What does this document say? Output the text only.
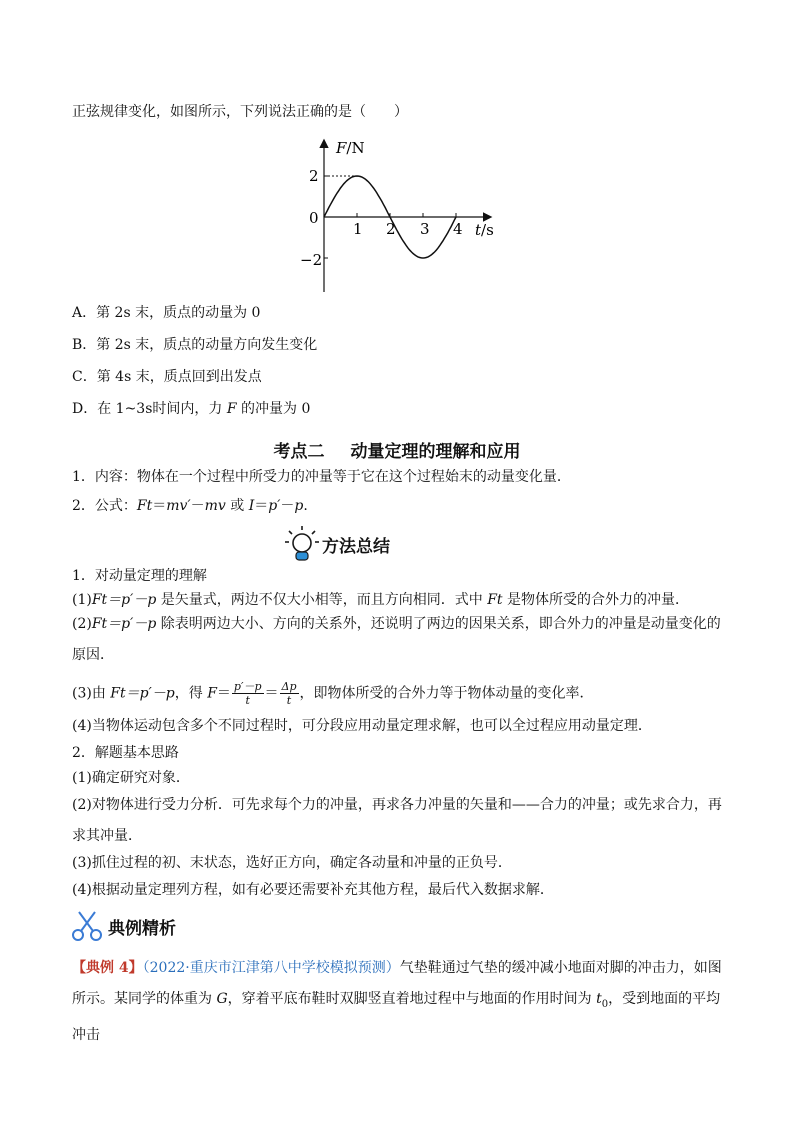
正弦规律变化，如图所示，下列说法正确的是（　　）
F/N
t/s
0
2
−2
1 2 3 4
A．第 2s 末，质点的动量为 0
B．第 2s 末，质点的动量方向发生变化
C．第 4s 末，质点回到出发点
D．在 1~3s时间内，力 F 的冲量为 0
考点二 动量定理的理解和应用
1．内容：物体在一个过程中所受力的冲量等于它在这个过程始末的动量变化量．
2．公式：Ft＝mv′－mv 或 I＝p′－p.
方法总结
1．对动量定理的理解
(1)Ft＝p′－p 是矢量式，两边不仅大小相等，而且方向相同．式中 Ft 是物体所受的合外力的冲量．
(2)Ft＝p′－p 除表明两边大小、方向的关系外，还说明了两边的因果关系，即合外力的冲量是动量变化的原因．
(3)由 Ft＝p′－p，得 $F= \frac{p'-p}{t} = \frac{\Delta p}{t}$ ，即物体所受的合外力等于物体动量的变化率．
(4)当物体运动包含多个不同过程时，可分段应用动量定理求解，也可以全过程应用动量定理．
2．解题基本思路
(1)确定研究对象．
(2)对物体进行受力分析．可先求每个力的冲量，再求各力冲量的矢量和——合力的冲量；或先求合力，再求其冲量．
(3)抓住过程的初、末状态，选好正方向，确定各动量和冲量的正负号．
(4)根据动量定理列方程，如有必要还需要补充其他方程，最后代入数据求解．
典例精析
【典例 4】（2022·重庆市江津第八中学校模拟预测）气垫鞋通过气垫的缓冲减小地面对脚的冲击力，如图所示。某同学的体重为 G，穿着平底布鞋时双脚竖直着地过程中与地面的作用时间为 $t_0$，受到地面的平均冲击
